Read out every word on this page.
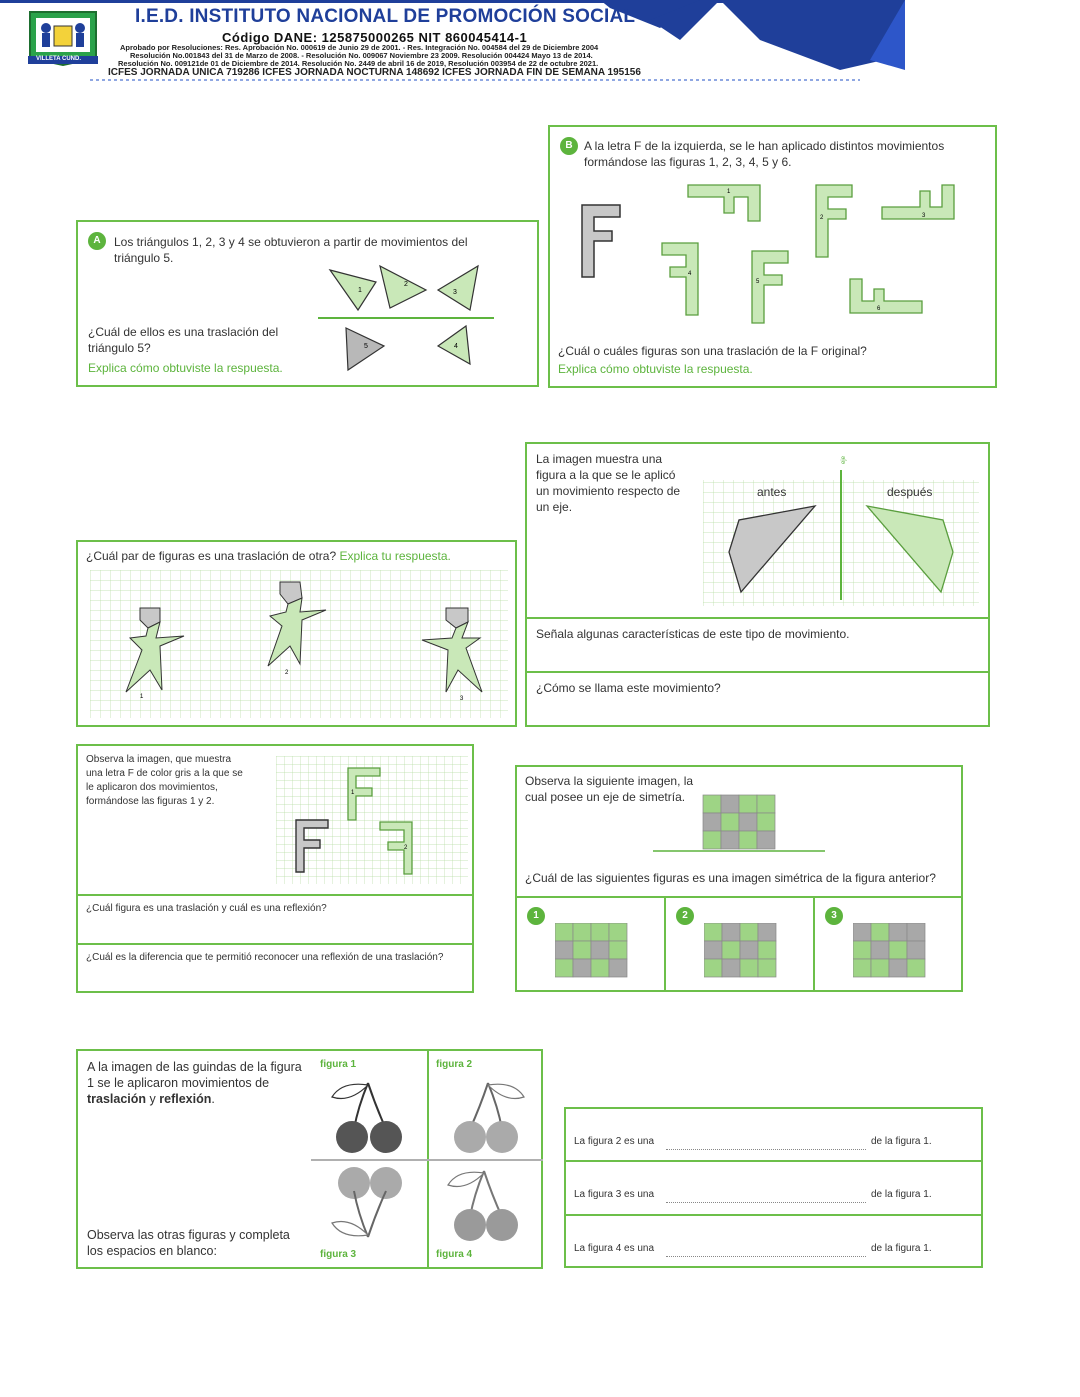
VILLETA CUND.
I.E.D. INSTITUTO NACIONAL DE PROMOCIÓN SOCIAL
Código DANE: 125875000265 NIT 860045414-1
Aprobado por Resoluciones: Res. Aprobación No. 000619 de Junio 29 de 2001. - Res. Integración No. 004584 del 29 de Diciembre 2004
Resolución No.001843 del 31 de Marzo de 2008. - Resolución No. 009067 Noviembre 23 2009. Resolución 004424 Mayo 13 de 2014.
Resolución No. 009121de 01 de Diciembre de 2014. Resolución No. 2449 de abril 16 de 2019, Resolución 003954 de 22 de octubre 2021.
ICFES JORNADA UNICA 719286 ICFES JORNADA NOCTURNA 148692 ICFES JORNADA FIN DE SEMANA 195156
A	Los triángulos 1, 2, 3 y 4 se obtuvieron a partir de movimientos del triángulo 5.
¿Cuál de ellos es una traslación del triángulo 5?
Explica cómo obtuviste la respuesta.
1
2
3
4
5
B A la letra F de la izquierda, se le han aplicado distintos movimientos formándose las figuras 1, 2, 3, 4, 5 y 6.
¿Cuál o cuáles figuras son una traslación de la F original?
Explica cómo obtuviste la respuesta.
1
2	3
4
5
6
¿Cuál par de figuras es una traslación de otra? Explica tu respuesta.
1
2
3
La imagen muestra una figura a la que se le aplicó un movimiento respecto de un eje.
eje
antes	después
Señala algunas características de este tipo de movimiento.
¿Cómo se llama este movimiento?
Observa la imagen, que muestra una letra F de color gris a la que se le aplicaron dos movimientos, formándose las figuras 1 y 2.
1
2
¿Cuál figura es una traslación y cuál es una reflexión?
¿Cuál es la diferencia que te permitió reconocer una reflexión de una traslación?
Observa la siguiente imagen, la cual posee un eje de simetría.
¿Cuál de las siguientes figuras es una imagen simétrica de la figura anterior?
1	2	3
A la imagen de las guindas de la figura 1 se le aplicaron movimientos de traslación y reflexión.
Observa las otras figuras y completa los espacios en blanco:
figura 1	figura 2
figura 3	figura 4
La figura 2 es una	de la figura 1.
La figura 3 es una	de la figura 1.
La figura 4 es una	de la figura 1.
